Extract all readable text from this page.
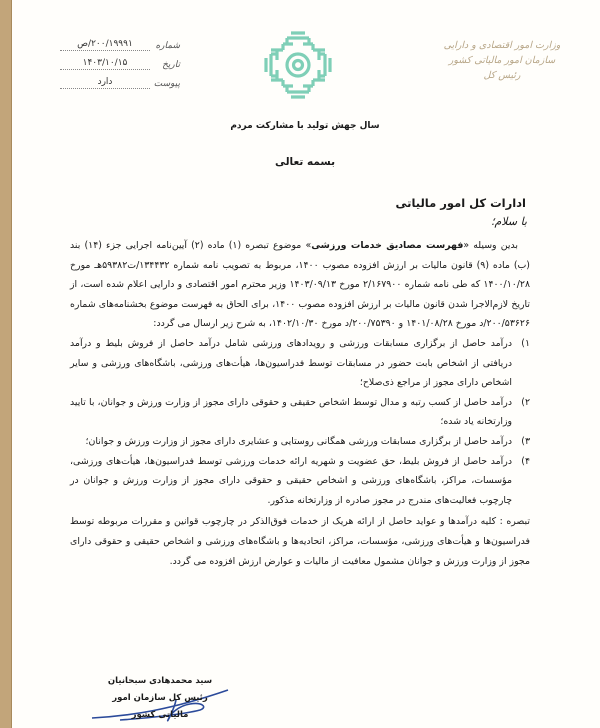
شماره
۲۰۰/۱۹۹۹۱/ص
تاریخ
۱۴۰۳/۱۰/۱۵
پیوست
دارد
وزارت امور اقتصادی و دارایی
سازمان امور مالیاتی کشور
رئیس کل
سال جهش تولید با مشارکت مردم
بسمه تعالی
ادارات کل امور مالیاتی
با سلام؛
بدین وسیله «فهرست مصادیق خدمات ورزشی» موضوع تبصره (۱) ماده (۲) آیین‌نامه اجرایی جزء (۱۴) بند (ب) ماده (۹) قانون مالیات بر ارزش افزوده مصوب ۱۴۰۰، مربوط به تصویب نامه شماره ۱۳۴۴۳۲/ت۵۹۳۸۲هـ مورخ ۱۴۰۰/۱۰/۲۸ که طی نامه شماره ۲/۱۶۷۹۰۰ مورخ ۱۴۰۳/۰۹/۱۳ وزیر محترم امور اقتصادی و دارایی اعلام شده است، از تاریخ لازم‌الاجرا شدن قانون مالیات بر ارزش افزوده مصوب ۱۴۰۰، برای الحاق به فهرست موضوع بخشنامه‌های شماره ۲۰۰/۵۳۶۲۶/د مورخ ۱۴۰۱/۰۸/۲۸ و ۲۰۰/۷۵۳۹۰/د مورخ ۱۴۰۲/۱۰/۳۰، به شرح زیر ارسال می گردد:
۱)
درآمد حاصل از برگزاری مسابقات ورزشی و رویدادهای ورزشی شامل درآمد حاصل از فروش بلیط و درآمد دریافتی از اشخاص بابت حضور در مسابقات توسط فدراسیون‌ها، هیأت‌های ورزشی، باشگاه‌های ورزشی و سایر اشخاص دارای مجوز از مراجع ذی‌صلاح؛
۲)
درآمد حاصل از کسب رتبه و مدال توسط اشخاص حقیقی و حقوقی دارای مجوز از وزارت ورزش و جوانان، با تایید وزارتخانه یاد شده؛
۳)
درآمد حاصل از برگزاری مسابقات ورزشی همگانی روستایی و عشایری دارای مجوز از وزارت ورزش و جوانان؛
۴)
درآمد حاصل از فروش بلیط، حق عضویت و شهریه ارائه خدمات ورزشی توسط فدراسیون‌ها، هیأت‌های ورزشی، مؤسسات، مراکز، باشگاه‌های ورزشی و اشخاص حقیقی و حقوقی دارای مجوز از وزارت ورزش و جوانان در چارچوب فعالیت‌های مندرج در مجوز صادره از وزارتخانه مذکور.
تبصره : کلیه درآمدها و عواید حاصل از ارائه هریک از خدمات فوق‌الذکر در چارچوب قوانین و مقررات مربوطه توسط فدراسیون‌ها و هیأت‌های ورزشی، مؤسسات، مراکز، اتحادیه‌ها و باشگاه‌های ورزشی و اشخاص حقیقی و حقوقی دارای مجوز از وزارت ورزش و جوانان مشمول معافیت از مالیات و عوارض ارزش افزوده می گردد.
سید محمدهادی سبحانیان
رئیس کل سازمان امور مالیاتی کشور
